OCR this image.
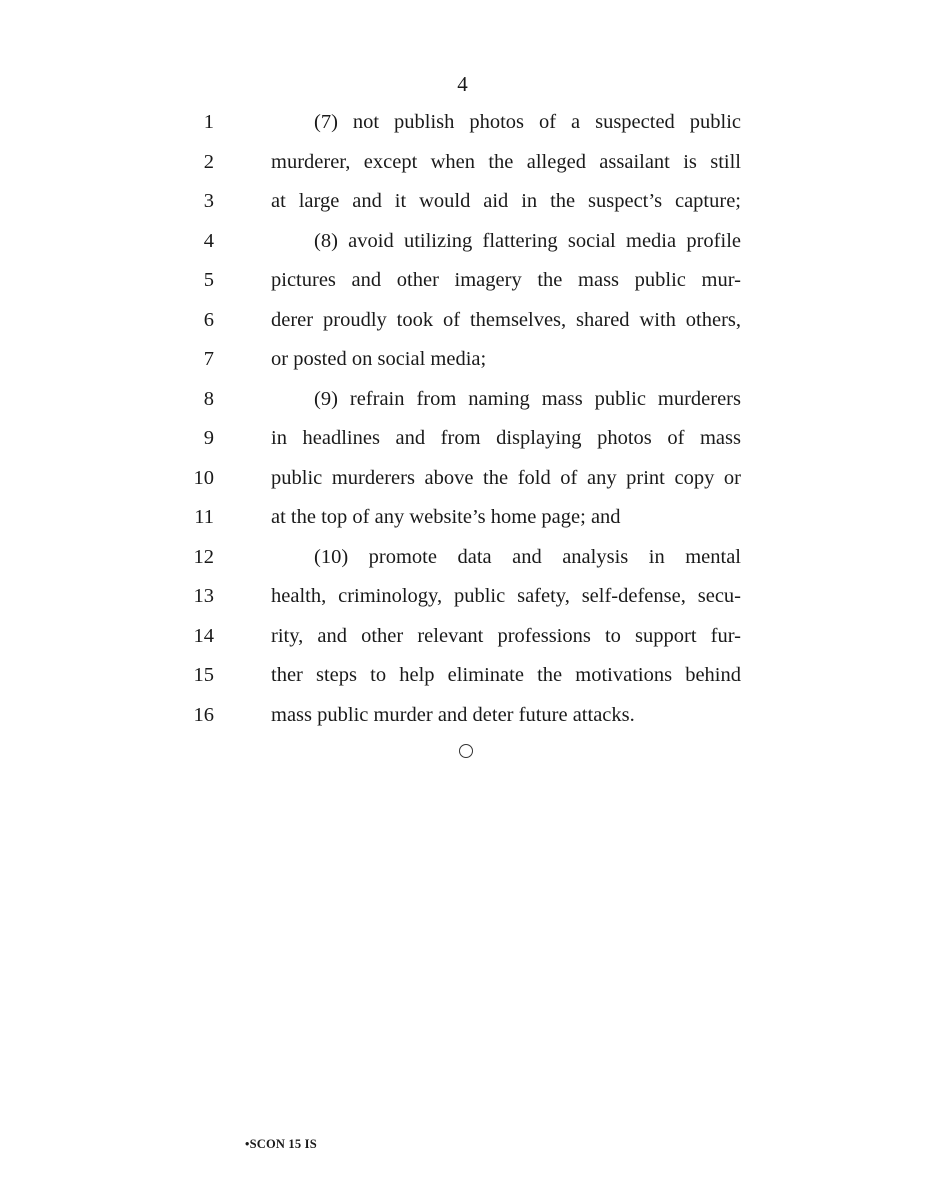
4
1	(7) not publish photos of a suspected public
2	murderer, except when the alleged assailant is still
3	at large and it would aid in the suspect’s capture;
4	(8) avoid utilizing flattering social media profile
5	pictures and other imagery the mass public mur-
6	derer proudly took of themselves, shared with others,
7	or posted on social media;
8	(9) refrain from naming mass public murderers
9	in headlines and from displaying photos of mass
10	public murderers above the fold of any print copy or
11	at the top of any website’s home page; and
12	(10) promote data and analysis in mental
13	health, criminology, public safety, self-defense, secu-
14	rity, and other relevant professions to support fur-
15	ther steps to help eliminate the motivations behind
16	mass public murder and deter future attacks.
•SCON 15 IS
